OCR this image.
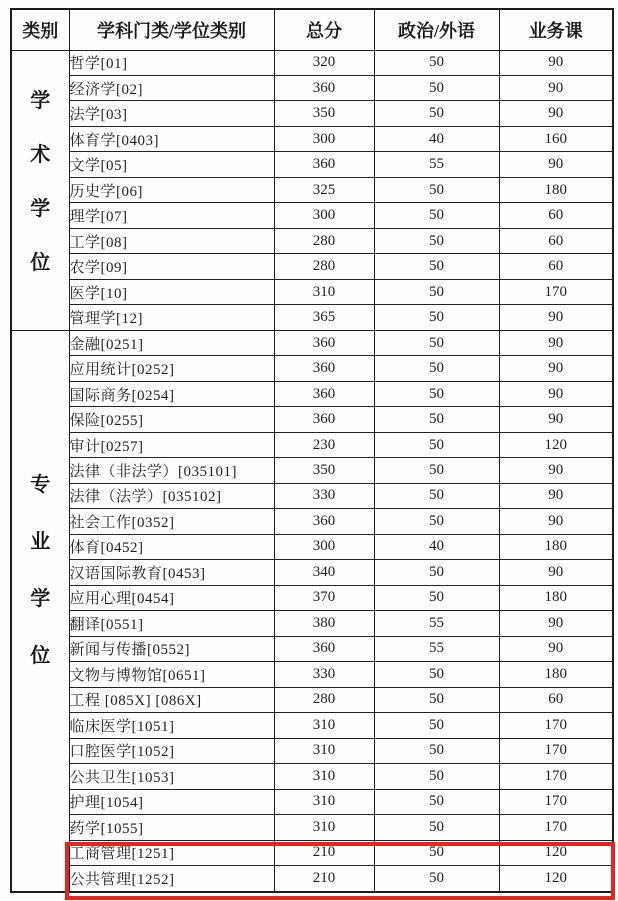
类别	学科门类/学位类别	总分	政治/外语	业务课

学
术
学
位	哲学[01]	320	50	90
	经济学[02]	360	50	90
	法学[03]	350	50	90
	体育学[0403]	300	40	160
	文学[05]	360	55	90
	历史学[06]	325	50	180
	理学[07]	300	50	60
	工学[08]	280	50	60
	农学[09]	280	50	60
	医学[10]	310	50	170
	管理学[12]	365	50	90

专
业
学
位	金融[0251]	360	50	90
	应用统计[0252]	360	50	90
	国际商务[0254]	360	50	90
	保险[0255]	360	50	90
	审计[0257]	230	50	120
	法律（非法学）[035101]	350	50	90
	法律（法学）[035102]	330	50	90
	社会工作[0352]	360	50	90
	体育[0452]	300	40	180
	汉语国际教育[0453]	340	50	90
	应用心理[0454]	370	50	180
	翻译[0551]	380	55	90
	新闻与传播[0552]	360	55	90
	文物与博物馆[0651]	330	50	180
	工程 [085X] [086X]	280	50	60
	临床医学[1051]	310	50	170
	口腔医学[1052]	310	50	170
	公共卫生[1053]	310	50	170
	护理[1054]	310	50	170
	药学[1055]	310	50	170
	工商管理[1251]	210	50	120
	公共管理[1252]	210	50	120
